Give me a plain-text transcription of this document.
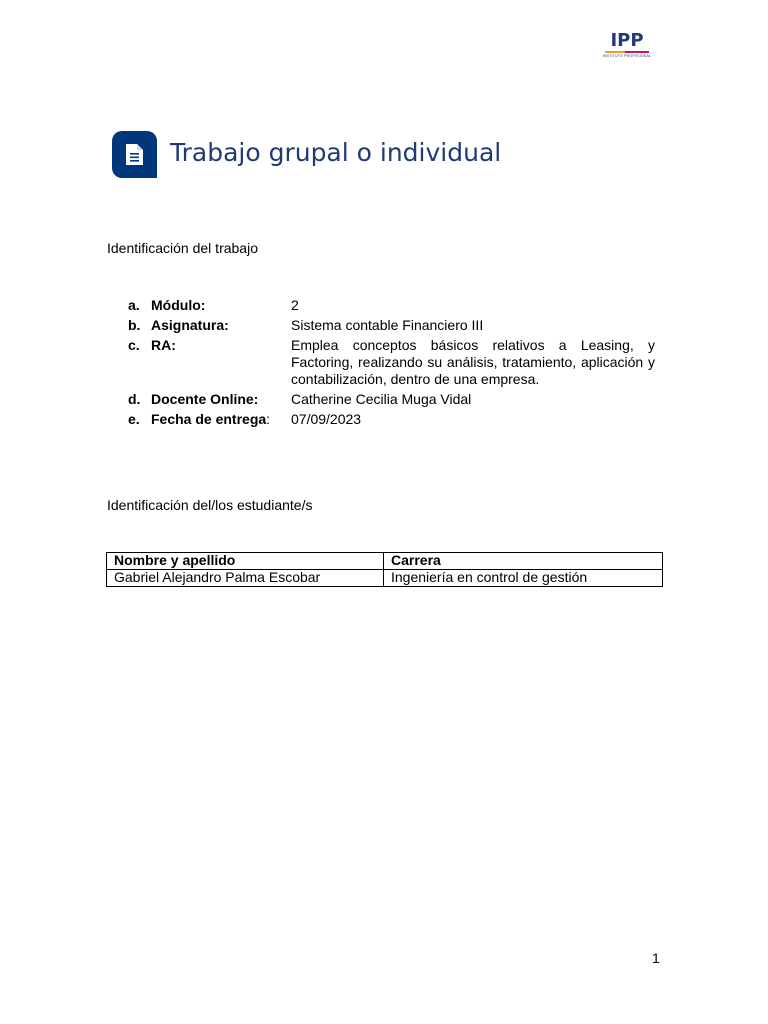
IPP
INSTITUTO PROFESIONAL
Trabajo grupal o individual
Identificación del trabajo
a. Módulo:	2
b. Asignatura:	Sistema contable Financiero III
c. RA:	Emplea conceptos básicos relativos a Leasing, y Factoring, realizando su análisis, tratamiento, aplicación y contabilización, dentro de una empresa.
d. Docente Online:	Catherine Cecilia Muga Vidal
e. Fecha de entrega:	07/09/2023
Identificación del/los estudiante/s
Nombre y apellido	Carrera
Gabriel Alejandro Palma Escobar	Ingeniería en control de gestión
1
